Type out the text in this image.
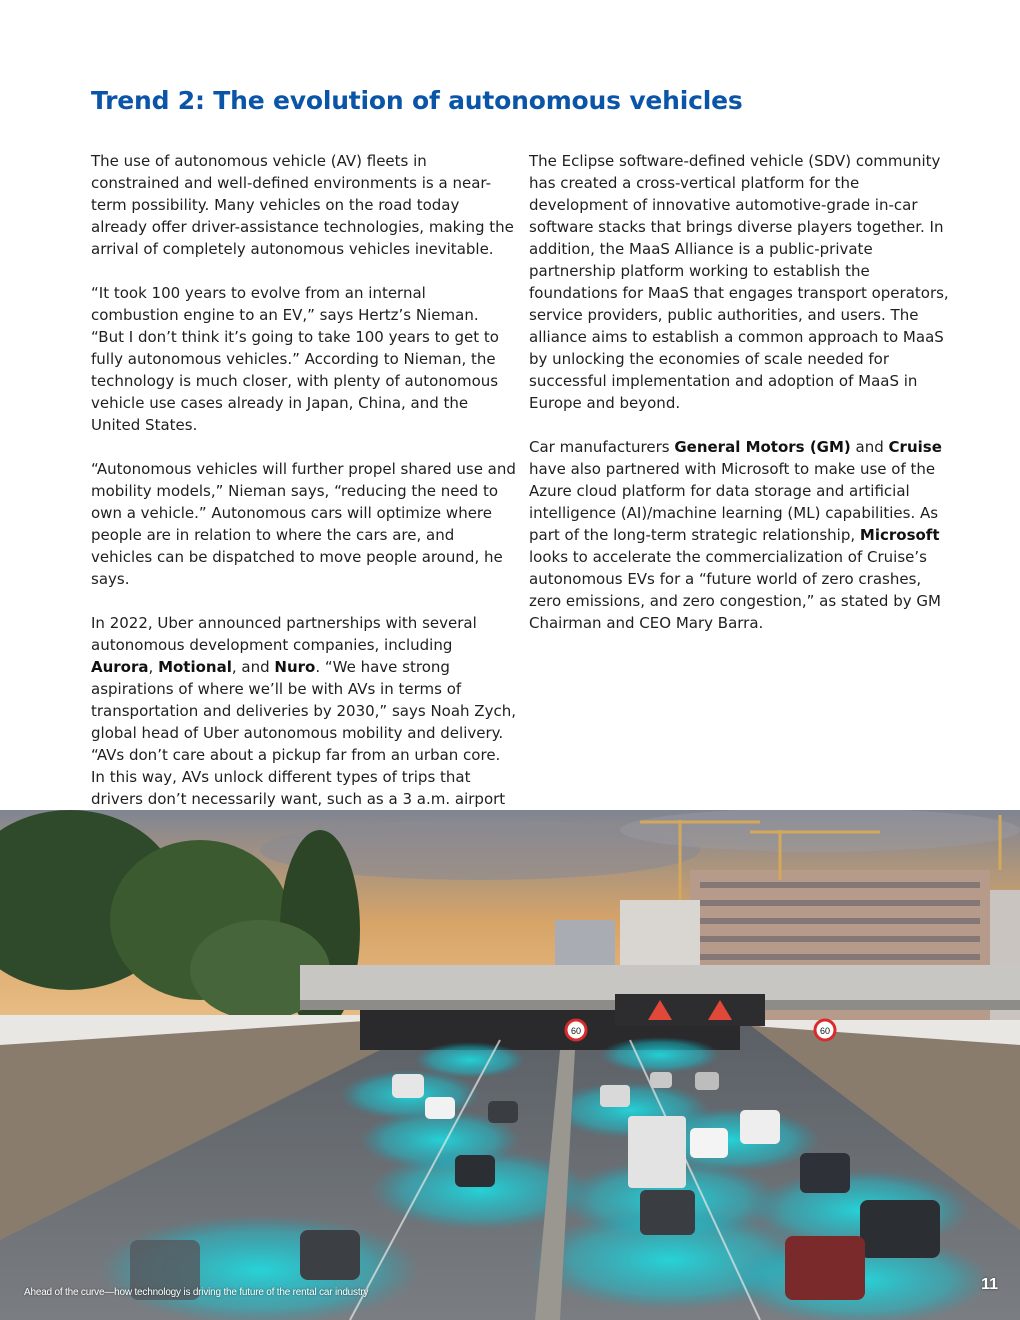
Trend 2: The evolution of autonomous vehicles

The use of autonomous vehicle (AV) fleets in constrained and well-defined environments is a near-term possibility. Many vehicles on the road today already offer driver-assistance technologies, making the arrival of completely autonomous vehicles inevitable.

“It took 100 years to evolve from an internal combustion engine to an EV,” says Hertz’s Nieman. “But I don’t think it’s going to take 100 years to get to fully autonomous vehicles.” According to Nieman, the technology is much closer, with plenty of autonomous vehicle use cases already in Japan, China, and the United States.

“Autonomous vehicles will further propel shared use and mobility models,” Nieman says, “reducing the need to own a vehicle.” Autonomous cars will optimize where people are in relation to where the cars are, and vehicles can be dispatched to move people around, he says.

In 2022, Uber announced partnerships with several autonomous development companies, including Aurora, Motional, and Nuro. “We have strong aspirations of where we’ll be with AVs in terms of transportation and deliveries by 2030,” says Noah Zych, global head of Uber autonomous mobility and delivery. “AVs don’t care about a pickup far from an urban core. In this way, AVs unlock different types of trips that drivers don’t necessarily want, such as a 3 a.m. airport

The Eclipse software-defined vehicle (SDV) community has created a cross-vertical platform for the development of innovative automotive-grade in-car software stacks that brings diverse players together. In addition, the MaaS Alliance is a public-private partnership platform working to establish the foundations for MaaS that engages transport operators, service providers, public authorities, and users. The alliance aims to establish a common approach to MaaS by unlocking the economies of scale needed for successful implementation and adoption of MaaS in Europe and beyond.

Car manufacturers General Motors (GM) and Cruise have also partnered with Microsoft to make use of the Azure cloud platform for data storage and artificial intelligence (AI)/machine learning (ML) capabilities. As part of the long-term strategic relationship, Microsoft looks to accelerate the commercialization of Cruise’s autonomous EVs for a “future world of zero crashes, zero emissions, and zero congestion,” as stated by GM Chairman and CEO Mary Barra.

60	60
Ahead of the curve—how technology is driving the future of the rental car industry	11
